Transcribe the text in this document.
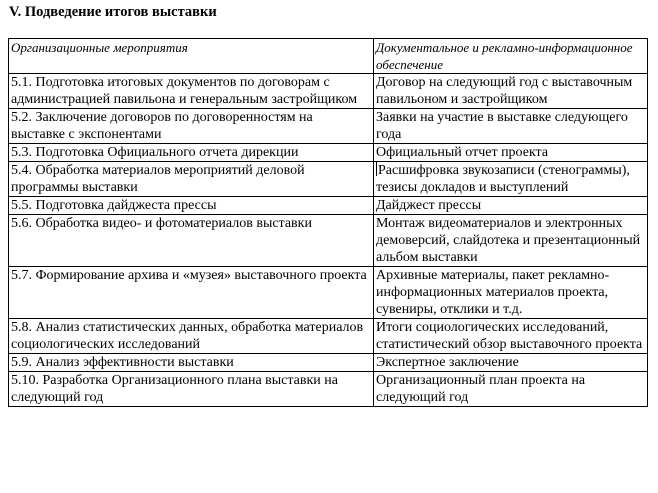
V. Подведение итогов выставки
Организационные мероприятия	Документальное и рекламно-информационное обеспечение
5.1. Подготовка итоговых документов по договорам с администрацией павильона и генеральным застройщиком	Договор на следующий год с выставочным павильоном и застройщиком
5.2. Заключение договоров по договоренностям на выставке с экспонентами	Заявки на участие в выставке следующего года
5.3. Подготовка Официального отчета дирекции	Официальный отчет проекта
5.4. Обработка материалов мероприятий деловой программы выставки	Расшифровка звукозаписи (стенограммы), тезисы докладов и выступлений
5.5. Подготовка дайджеста прессы	Дайджест прессы
5.6. Обработка видео- и фотоматериалов выставки	Монтаж видеоматериалов и электронных демоверсий, слайдотека и презентационный альбом выставки
5.7. Формирование архива и «музея» выставочного проекта	Архивные материалы, пакет рекламно-информационных материалов проекта, сувениры, отклики и т.д.
5.8. Анализ статистических данных, обработка материалов социологических исследований	Итоги социологических исследований, статистический обзор выставочного проекта
5.9. Анализ эффективности выставки	Экспертное заключение
5.10. Разработка Организационного плана выставки на следующий год	Организационный план проекта на следующий год
